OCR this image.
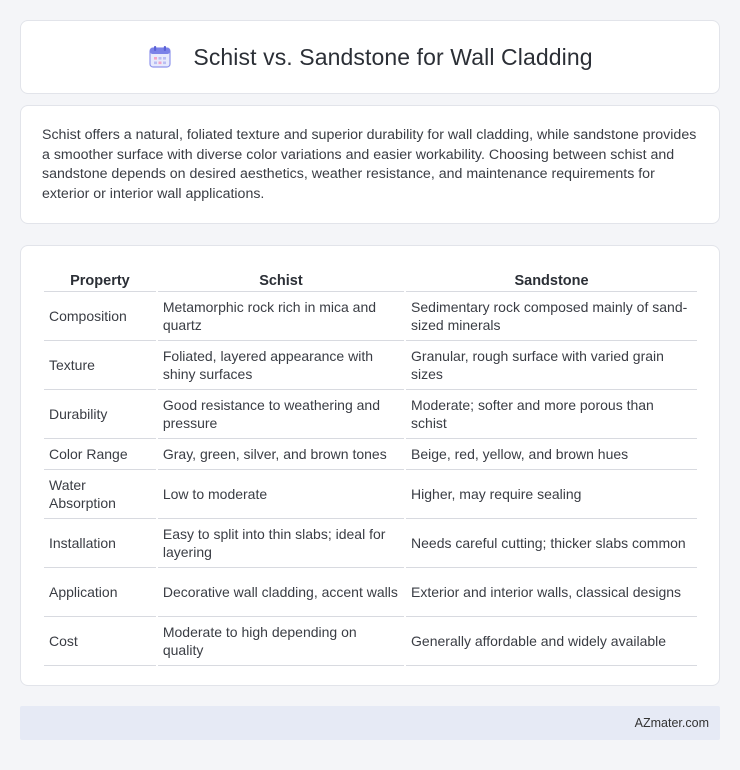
Schist vs. Sandstone for Wall Cladding

Schist offers a natural, foliated texture and superior durability for wall cladding, while sandstone provides a smoother surface with diverse color variations and easier workability. Choosing between schist and sandstone depends on desired aesthetics, weather resistance, and maintenance requirements for exterior or interior wall applications.

Property	Schist	Sandstone
Composition	Metamorphic rock rich in mica and quartz	Sedimentary rock composed mainly of sand-sized minerals
Texture	Foliated, layered appearance with shiny surfaces	Granular, rough surface with varied grain sizes
Durability	Good resistance to weathering and pressure	Moderate; softer and more porous than schist
Color Range	Gray, green, silver, and brown tones	Beige, red, yellow, and brown hues
Water Absorption	Low to moderate	Higher, may require sealing
Installation	Easy to split into thin slabs; ideal for layering	Needs careful cutting; thicker slabs common
Application	Decorative wall cladding, accent walls	Exterior and interior walls, classical designs
Cost	Moderate to high depending on quality	Generally affordable and widely available
AZmater.com
